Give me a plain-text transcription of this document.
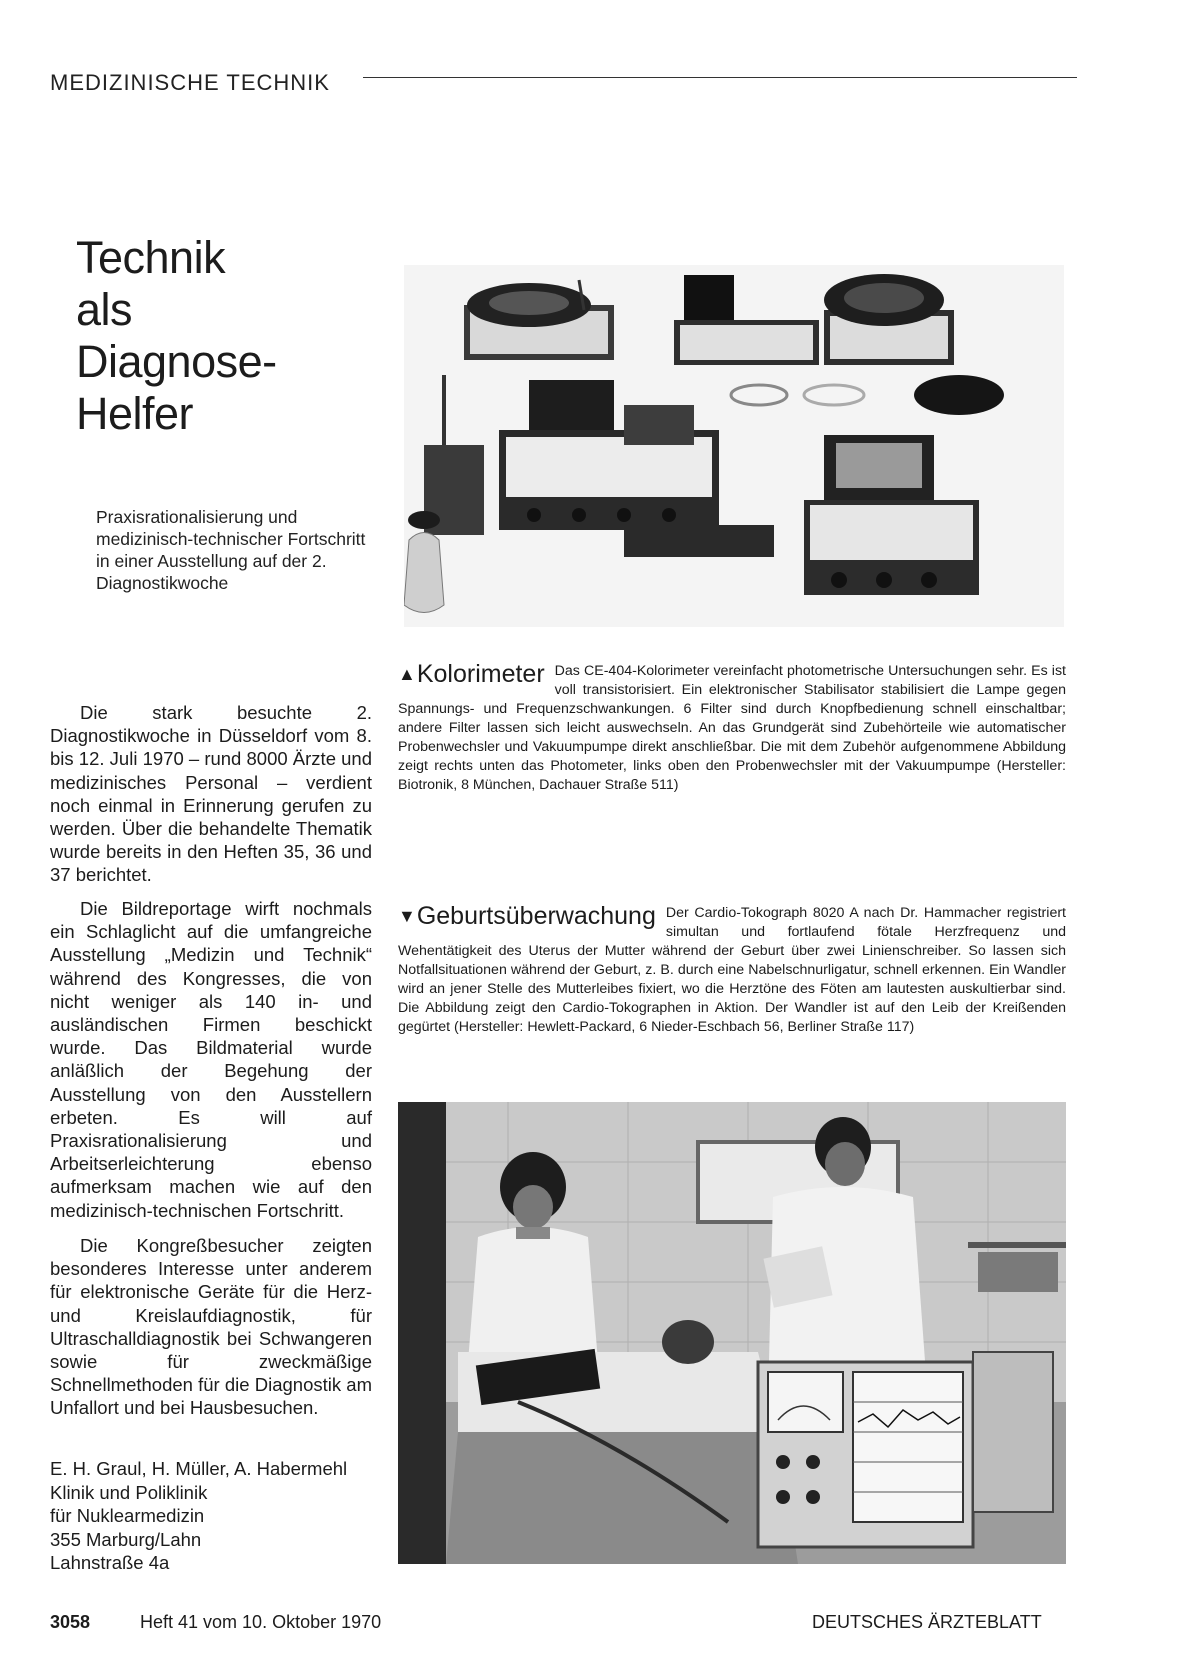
MEDIZINISCHE TECHNIK
Technik
als
Diagnose-
Helfer
Praxisrationalisierung und medizinisch-technischer Fortschritt in einer Ausstellung auf der 2. Diagnostikwoche

Die stark besuchte 2. Diagnostikwoche in Düsseldorf vom 8. bis 12. Juli 1970 – rund 8000 Ärzte und medizinisches Personal – verdient noch einmal in Erinnerung gerufen zu werden. Über die behandelte Thematik wurde bereits in den Heften 35, 36 und 37 berichtet.

Die Bildreportage wirft nochmals ein Schlaglicht auf die umfangreiche Ausstellung „Medizin und Technik“ während des Kongresses, die von nicht weniger als 140 in- und ausländischen Firmen beschickt wurde. Das Bildmaterial wurde anläßlich der Begehung der Ausstellung von den Ausstellern erbeten. Es will auf Praxisrationalisierung und Arbeitserleichterung ebenso aufmerksam machen wie auf den medizinisch-technischen Fortschritt.

Die Kongreßbesucher zeigten besonderes Interesse unter anderem für elektronische Geräte für die Herz- und Kreislaufdiagnostik, für Ultraschalldiagnostik bei Schwangeren sowie für zweckmäßige Schnellmethoden für die Diagnostik am Unfallort und bei Hausbesuchen.

E. H. Graul, H. Müller, A. Habermehl
Klinik und Poliklinik
für Nuklearmedizin
355 Marburg/Lahn
Lahnstraße 4a
▲Kolorimeter Das CE-404-Kolorimeter vereinfacht photometrische Untersuchungen sehr. Es ist voll transistorisiert. Ein elektronischer Stabilisator stabilisiert die Lampe gegen Spannungs- und Frequenzschwankungen. 6 Filter sind durch Knopfbedienung schnell einschaltbar; andere Filter lassen sich leicht auswechseln. An das Grundgerät sind Zubehörteile wie automatischer Probenwechsler und Vakuumpumpe direkt anschließbar. Die mit dem Zubehör aufgenommene Abbildung zeigt rechts unten das Photometer, links oben den Probenwechsler mit der Vakuumpumpe (Hersteller: Biotronik, 8 München, Dachauer Straße 511)
▼Geburtsüberwachung Der Cardio-Tokograph 8020 A nach Dr. Hammacher registriert simultan und fortlaufend fötale Herzfrequenz und Wehentätigkeit des Uterus der Mutter während der Geburt über zwei Linienschreiber. So lassen sich Notfallsituationen während der Geburt, z. B. durch eine Nabelschnurligatur, schnell erkennen. Ein Wandler wird an jener Stelle des Mutterleibes fixiert, wo die Herztöne des Föten am lautesten auskultierbar sind. Die Abbildung zeigt den Cardio-Tokographen in Aktion. Der Wandler ist auf den Leib der Kreißenden gegürtet (Hersteller: Hewlett-Packard, 6 Nieder-Eschbach 56, Berliner Straße 117)
3058	Heft 41 vom 10. Oktober 1970	DEUTSCHES ÄRZTEBLATT
